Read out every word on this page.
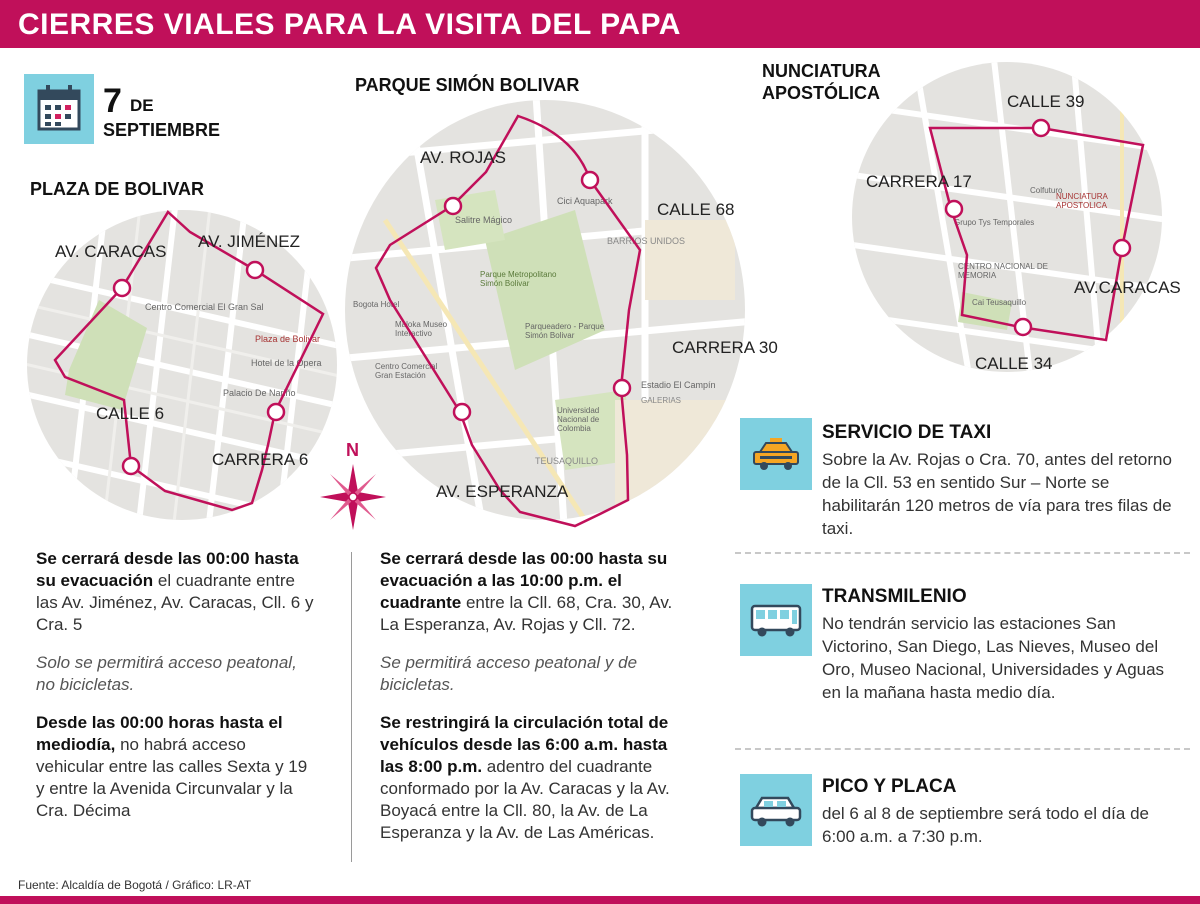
CIERRES VIALES PARA LA VISITA DEL PAPA
7 DE
SEPTIEMBRE
PLAZA DE BOLIVAR
PARQUE SIMÓN BOLIVAR
NUNCIATURA
APOSTÓLICA
Centro Comercial El Gran Sal
Plaza de Bolivar
Palacio De Nariño
Hotel de la Opera
Salitre Mágico
Cici Aquapark
BARRIOS UNIDOS
Parque Metropolitano Simón Bolivar
Parqueadero - Parque Simón Bolivar
Maloka Museo Interactivo
Bogota Hotel
Centro Comercial Gran Estación
Estadio El Campín
GALERIAS
Universidad Nacional de Colombia
TEUSAQUILLO
NUNCIATURA APOSTOLICA
Grupo Tys Temporales
CENTRO NACIONAL DE MEMORIA
Cai Teusaquillo
Colfuturo
AV. CARACAS
AV. JIMÉNEZ
CALLE 6
CARRERA 6
AV. ROJAS
CALLE 68
CARRERA 30
AV. ESPERANZA
CALLE 39
CARRERA 17
AV.CARACAS
CALLE 34
N

Se cerrará desde las 00:00 hasta su evacuación el cuadrante entre las Av. Jiménez, Av. Caracas, Cll. 6 y Cra. 5

Solo se permitirá acceso peatonal, no bicicletas.

Desde las 00:00 horas hasta el mediodía, no habrá acceso vehicular entre las calles Sexta y 19 y entre la Avenida Circunvalar y la Cra. Décima

Se cerrará desde las 00:00 hasta su evacuación a las 10:00 p.m. el cuadrante entre la Cll. 68, Cra. 30, Av. La Esperanza, Av. Rojas y Cll. 72.

Se permitirá acceso peatonal y de bicicletas.

Se restringirá la circulación total de vehículos desde las 6:00 a.m. hasta las 8:00 p.m. adentro del cuadrante conformado por la Av. Caracas y la Av. Boyacá entre la Cll. 80, la Av. de La Esperanza y la Av. de Las Américas.

SERVICIO DE TAXI
Sobre la Av. Rojas o Cra. 70, antes del retorno de la Cll. 53 en sentido Sur – Norte se habilitarán 120 metros de vía para tres filas de taxi.
TRANSMILENIO
No tendrán servicio las estaciones San Victorino, San Diego, Las Nieves, Museo del Oro, Museo Nacional, Universidades y Aguas en la mañana hasta medio día.
PICO Y PLACA
del 6 al 8 de septiembre será todo el día de 6:00 a.m. a 7:30 p.m.
Fuente: Alcaldía de Bogotá / Gráfico: LR-AT
